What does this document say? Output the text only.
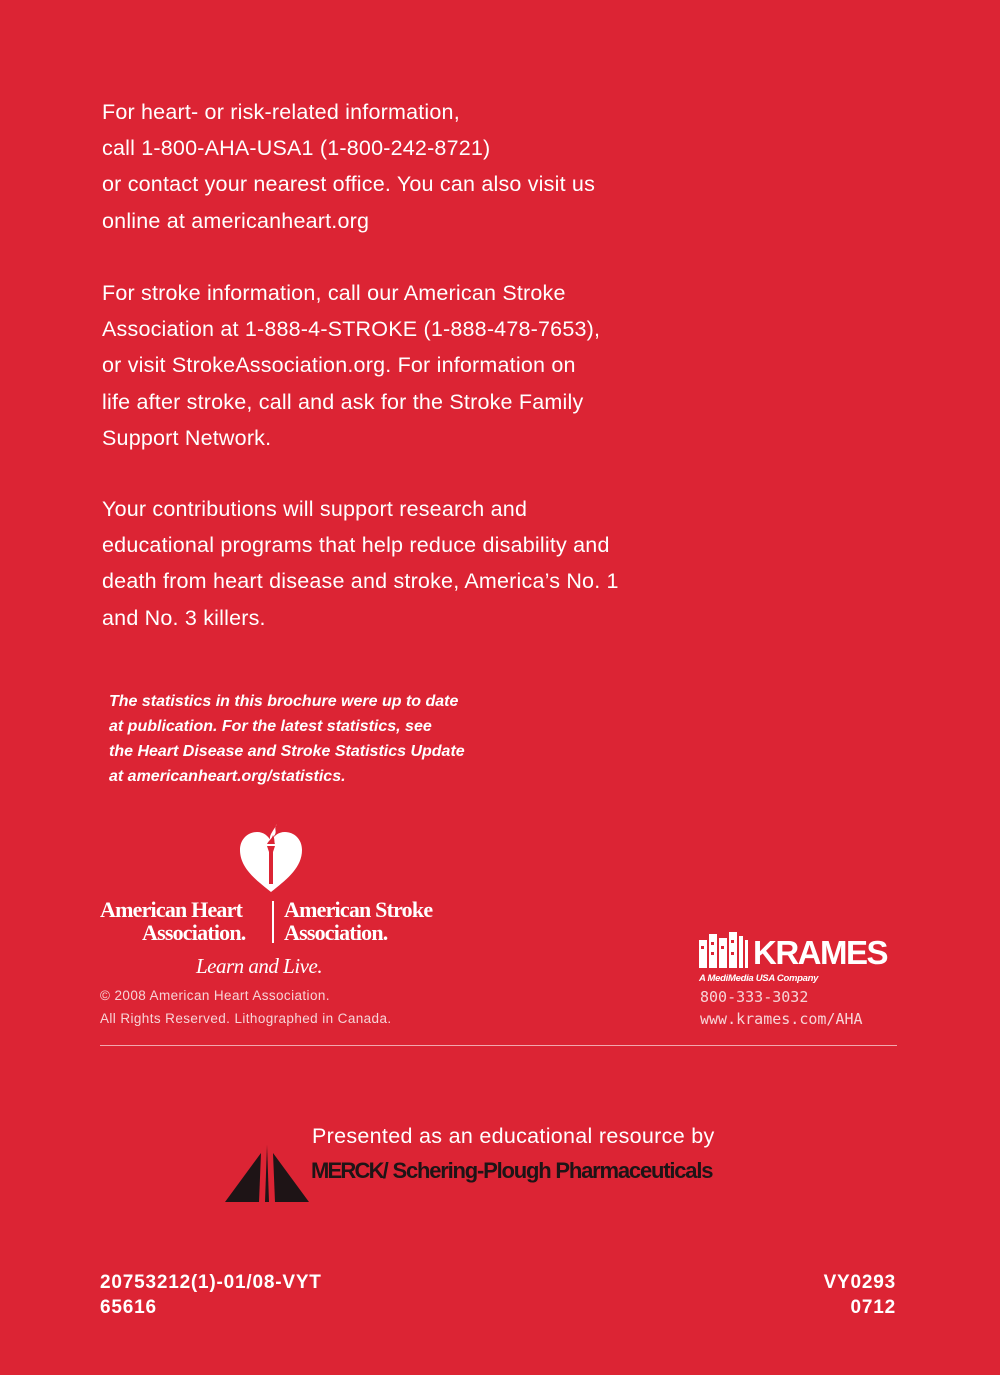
For heart- or risk-related information,

call 1-800-AHA-USA1 (1-800-242-8721)

or contact your nearest office. You can also visit us

online at americanheart.org

For stroke information, call our American Stroke

Association at 1-888-4-STROKE (1-888-478-7653),

or visit StrokeAssociation.org. For information on

life after stroke, call and ask for the Stroke Family

Support Network.

Your contributions will support research and

educational programs that help reduce disability and

death from heart disease and stroke, America’s No. 1

and No. 3 killers.

The statistics in this brochure were up to date

at publication. For the latest statistics, see

the Heart Disease and Stroke Statistics Update

at americanheart.org/statistics.

American Heart
Association.
American Stroke
Association.
Learn and Live.
© 2008 American Heart Association.
All Rights Reserved. Lithographed in Canada.
KRAMES
A MediMedia USA Company
800-333-3032
www.krames.com/AHA
Presented as an educational resource by
MERCK/ Schering-Plough Pharmaceuticals
20753212(1)-01/08-VYT
65616
VY0293
0712
